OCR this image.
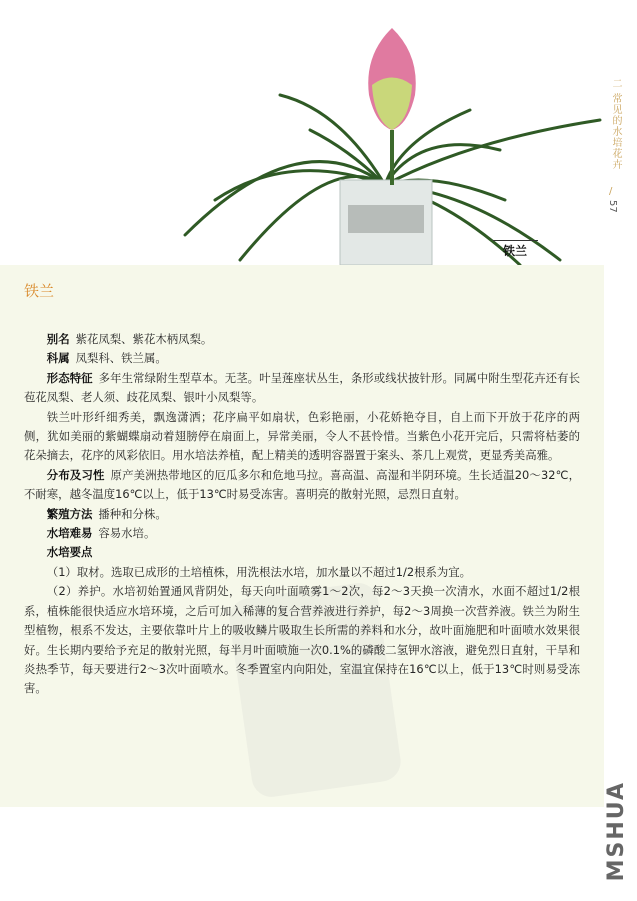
铁兰
二 常见的水培花卉
/
57
铁兰

别名 紫花凤梨、紫花木柄凤梨。

科属 凤梨科、铁兰属。

形态特征 多年生常绿附生型草本。无茎。叶呈莲座状丛生，条形或线状披针形。同属中附生型花卉还有长苞花凤梨、老人须、歧花凤梨、银叶小凤梨等。

铁兰叶形纤细秀美，飘逸潇洒；花序扁平如扇状，色彩艳丽，小花娇艳夺目，自上而下开放于花序的两侧，犹如美丽的紫蝴蝶扇动着翅膀停在扇面上，异常美丽，令人不甚怜惜。当紫色小花开完后，只需将枯萎的花朵摘去，花序的风彩依旧。用水培法养植，配上精美的透明容器置于案头、茶几上观赏，更显秀美高雅。

分布及习性 原产美洲热带地区的厄瓜多尔和危地马拉。喜高温、高湿和半阴环境。生长适温20～32℃，不耐寒，越冬温度16℃以上，低于13℃时易受冻害。喜明亮的散射光照，忌烈日直射。

繁殖方法 播种和分株。

水培难易 容易水培。

水培要点

（1）取材。选取已成形的土培植株，用洗根法水培，加水量以不超过1/2根系为宜。

（2）养护。水培初始置通风背阴处，每天向叶面喷雾1～2次，每2～3天换一次清水，水面不超过1/2根系，植株能很快适应水培环境，之后可加入稀薄的复合营养液进行养护，每2～3周换一次营养液。铁兰为附生型植物，根系不发达，主要依靠叶片上的吸收鳞片吸取生长所需的养料和水分，故叶面施肥和叶面喷水效果很好。生长期内要给予充足的散射光照，每半月叶面喷施一次0.1%的磷酸二氢钾水溶液，避免烈日直射，干旱和炎热季节，每天要进行2～3次叶面喷水。冬季置室内向阳处，室温宜保持在16℃以上，低于13℃时则易受冻害。

MSHUA
